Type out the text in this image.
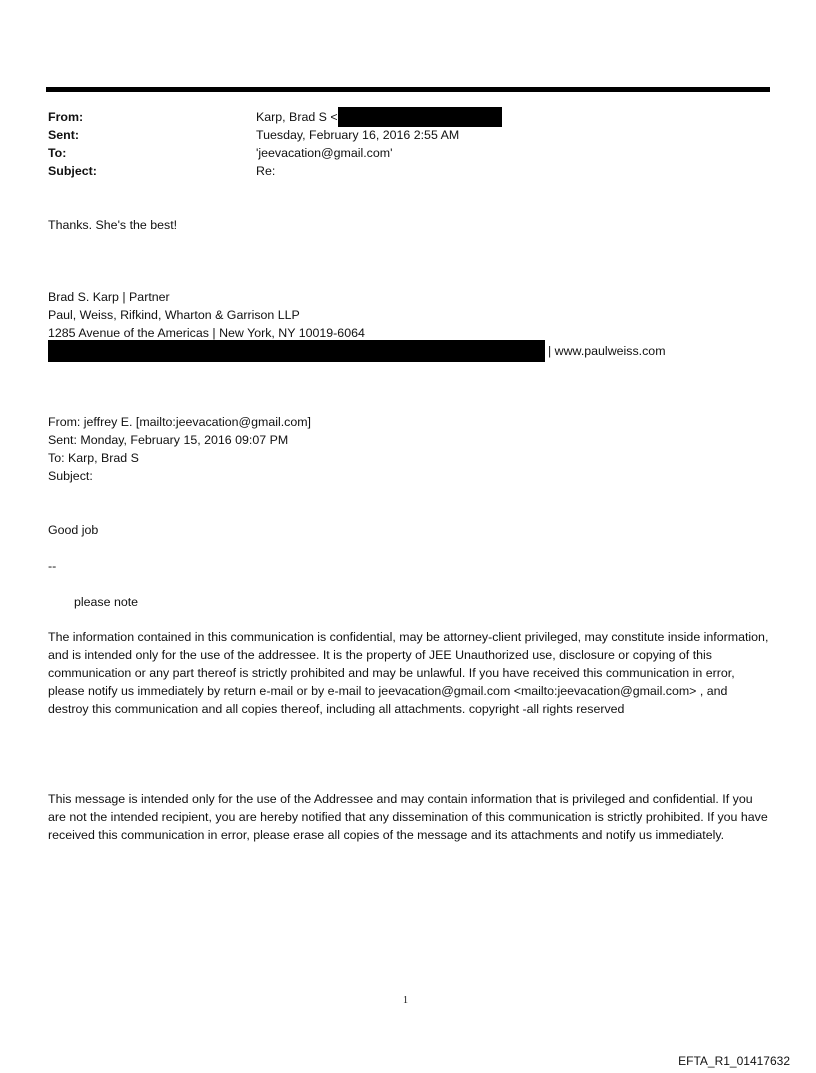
From:	Karp, Brad S <
Sent:	Tuesday, February 16, 2016 2:55 AM
To:	'jeevacation@gmail.com'
Subject:	Re:
Thanks. She's the best!
Brad S. Karp | Partner
Paul, Weiss, Rifkind, Wharton & Garrison LLP
1285 Avenue of the Americas | New York, NY 10019-6064
| www.paulweiss.com
From: jeffrey E. [mailto:jeevacation@gmail.com]
Sent: Monday, February 15, 2016 09:07 PM
To: Karp, Brad S
Subject:
Good job
--
please note
The information contained in this communication is confidential, may be attorney-client privileged, may constitute inside information, and is intended only for the use of the addressee. It is the property of JEE Unauthorized use, disclosure or copying of this communication or any part thereof is strictly prohibited and may be unlawful. If you have received this communication in error, please notify us immediately by return e-mail or by e-mail to jeevacation@gmail.com <mailto:jeevacation@gmail.com> , and destroy this communication and all copies thereof, including all attachments. copyright -all rights reserved
This message is intended only for the use of the Addressee and may contain information that is privileged and confidential. If you are not the intended recipient, you are hereby notified that any dissemination of this communication is strictly prohibited. If you have received this communication in error, please erase all copies of the message and its attachments and notify us immediately.
1
EFTA_R1_01417632
